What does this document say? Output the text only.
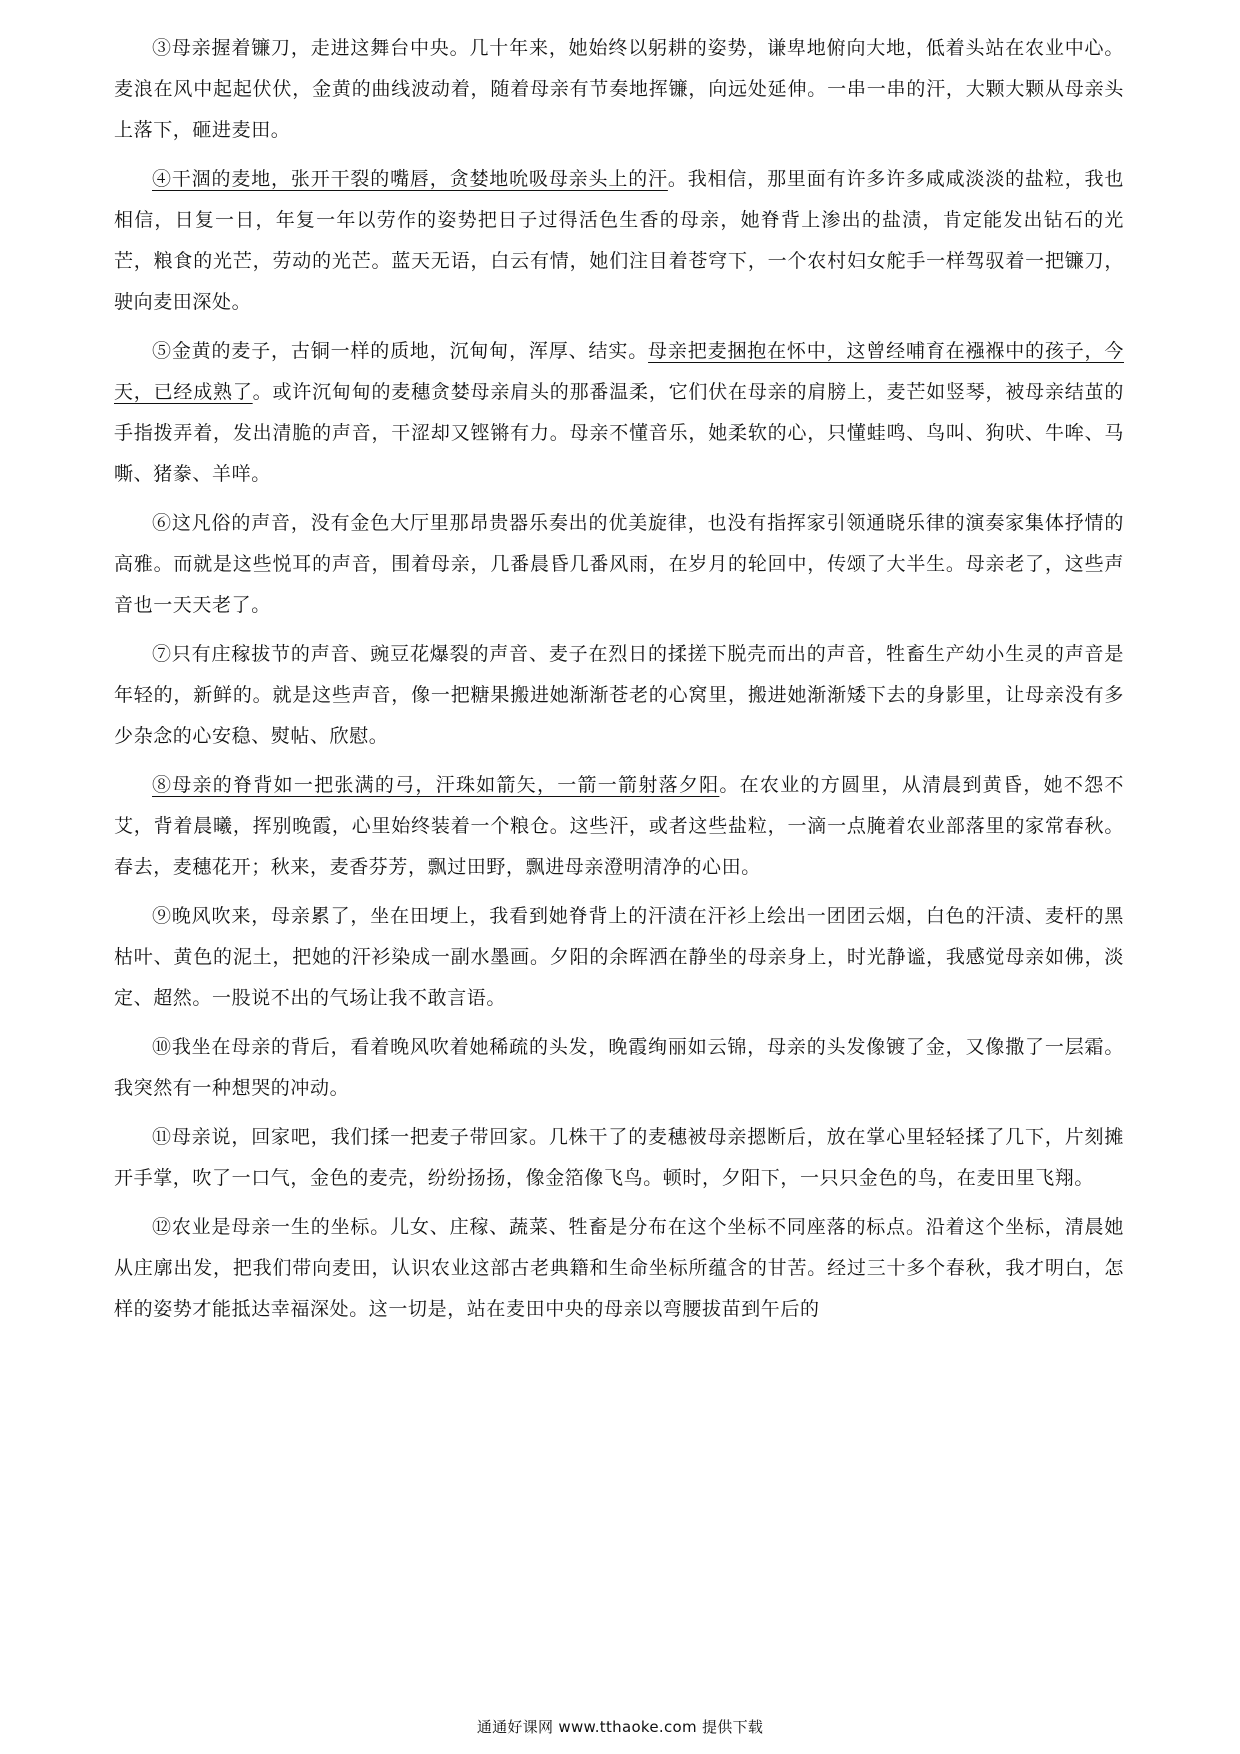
③母亲握着镰刀，走进这舞台中央。几十年来，她始终以躬耕的姿势，谦卑地俯向大地，低着头站在农业中心。麦浪在风中起起伏伏，金黄的曲线波动着，随着母亲有节奏地挥镰，向远处延伸。一串一串的汗，大颗大颗从母亲头上落下，砸进麦田。

④干涸的麦地，张开干裂的嘴唇，贪婪地吮吸母亲头上的汗。我相信，那里面有许多许多咸咸淡淡的盐粒，我也相信，日复一日，年复一年以劳作的姿势把日子过得活色生香的母亲，她脊背上渗出的盐渍，肯定能发出钻石的光芒，粮食的光芒，劳动的光芒。蓝天无语，白云有情，她们注目着苍穹下，一个农村妇女舵手一样驾驭着一把镰刀，驶向麦田深处。

⑤金黄的麦子，古铜一样的质地，沉甸甸，浑厚、结实。母亲把麦捆抱在怀中，这曾经哺育在襁褓中的孩子，今天，已经成熟了。或许沉甸甸的麦穗贪婪母亲肩头的那番温柔，它们伏在母亲的肩膀上，麦芒如竖琴，被母亲结茧的手指拨弄着，发出清脆的声音，干涩却又铿锵有力。母亲不懂音乐，她柔软的心，只懂蛙鸣、鸟叫、狗吠、牛哞、马嘶、猪豢、羊咩。

⑥这凡俗的声音，没有金色大厅里那昂贵器乐奏出的优美旋律，也没有指挥家引领通晓乐律的演奏家集体抒情的高雅。而就是这些悦耳的声音，围着母亲，几番晨昏几番风雨，在岁月的轮回中，传颂了大半生。母亲老了，这些声音也一天天老了。

⑦只有庄稼拔节的声音、豌豆花爆裂的声音、麦子在烈日的揉搓下脱壳而出的声音，牲畜生产幼小生灵的声音是年轻的，新鲜的。就是这些声音，像一把糖果搬进她渐渐苍老的心窝里，搬进她渐渐矮下去的身影里，让母亲没有多少杂念的心安稳、熨帖、欣慰。

⑧母亲的脊背如一把张满的弓，汗珠如箭矢，一箭一箭射落夕阳。在农业的方圆里，从清晨到黄昏，她不怨不艾，背着晨曦，挥别晚霞，心里始终装着一个粮仓。这些汗，或者这些盐粒，一滴一点腌着农业部落里的家常春秋。春去，麦穗花开；秋来，麦香芬芳，飘过田野，飘进母亲澄明清净的心田。

⑨晚风吹来，母亲累了，坐在田埂上，我看到她脊背上的汗渍在汗衫上绘出一团团云烟，白色的汗渍、麦杆的黑枯叶、黄色的泥土，把她的汗衫染成一副水墨画。夕阳的余晖洒在静坐的母亲身上，时光静谧，我感觉母亲如佛，淡定、超然。一股说不出的气场让我不敢言语。

⑩我坐在母亲的背后，看着晚风吹着她稀疏的头发，晚霞绚丽如云锦，母亲的头发像镀了金，又像撒了一层霜。我突然有一种想哭的冲动。

⑪母亲说，回家吧，我们揉一把麦子带回家。几株干了的麦穗被母亲摁断后，放在掌心里轻轻揉了几下，片刻摊开手掌，吹了一口气，金色的麦壳，纷纷扬扬，像金箔像飞鸟。顿时，夕阳下，一只只金色的鸟，在麦田里飞翔。

⑫农业是母亲一生的坐标。儿女、庄稼、蔬菜、牲畜是分布在这个坐标不同座落的标点。沿着这个坐标，清晨她从庄廓出发，把我们带向麦田，认识农业这部古老典籍和生命坐标所蕴含的甘苦。经过三十多个春秋，我才明白，怎样的姿势才能抵达幸福深处。这一切是，站在麦田中央的母亲以弯腰拔苗到午后的

通通好课网 www.tthaoke.com 提供下载
